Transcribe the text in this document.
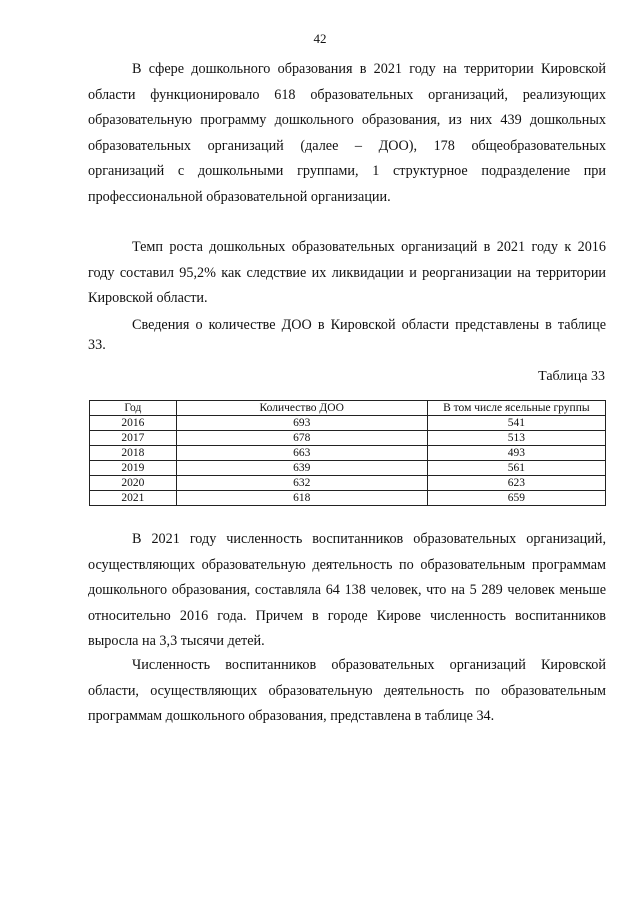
42

В сфере дошкольного образования в 2021 году на территории Кировской области функционировало 618 образовательных организаций, реализующих образовательную программу дошкольного образования, из них 439 дошкольных образовательных организаций (далее – ДОО), 178 общеобразовательных организаций с дошкольными группами, 1 структурное подразделение при профессиональной образовательной организации.

Темп роста дошкольных образовательных организаций в 2021 году к 2016 году составил 95,2% как следствие их ликвидации и реорганизации на территории Кировской области.

Сведения о количестве ДОО в Кировской области представлены в таблице 33.

Таблица 33
Год	Количество ДОО	В том числе ясельные группы
2016	693	541
2017	678	513
2018	663	493
2019	639	561
2020	632	623
2021	618	659

В 2021 году численность воспитанников образовательных организаций, осуществляющих образовательную деятельность по образовательным программам дошкольного образования, составляла 64 138 человек, что на 5 289 человек меньше относительно 2016 года. Причем в городе Кирове численность воспитанников выросла на 3,3 тысячи детей.

Численность воспитанников образовательных организаций Кировской области, осуществляющих образовательную деятельность по образовательным программам дошкольного образования, представлена в таблице 34.
